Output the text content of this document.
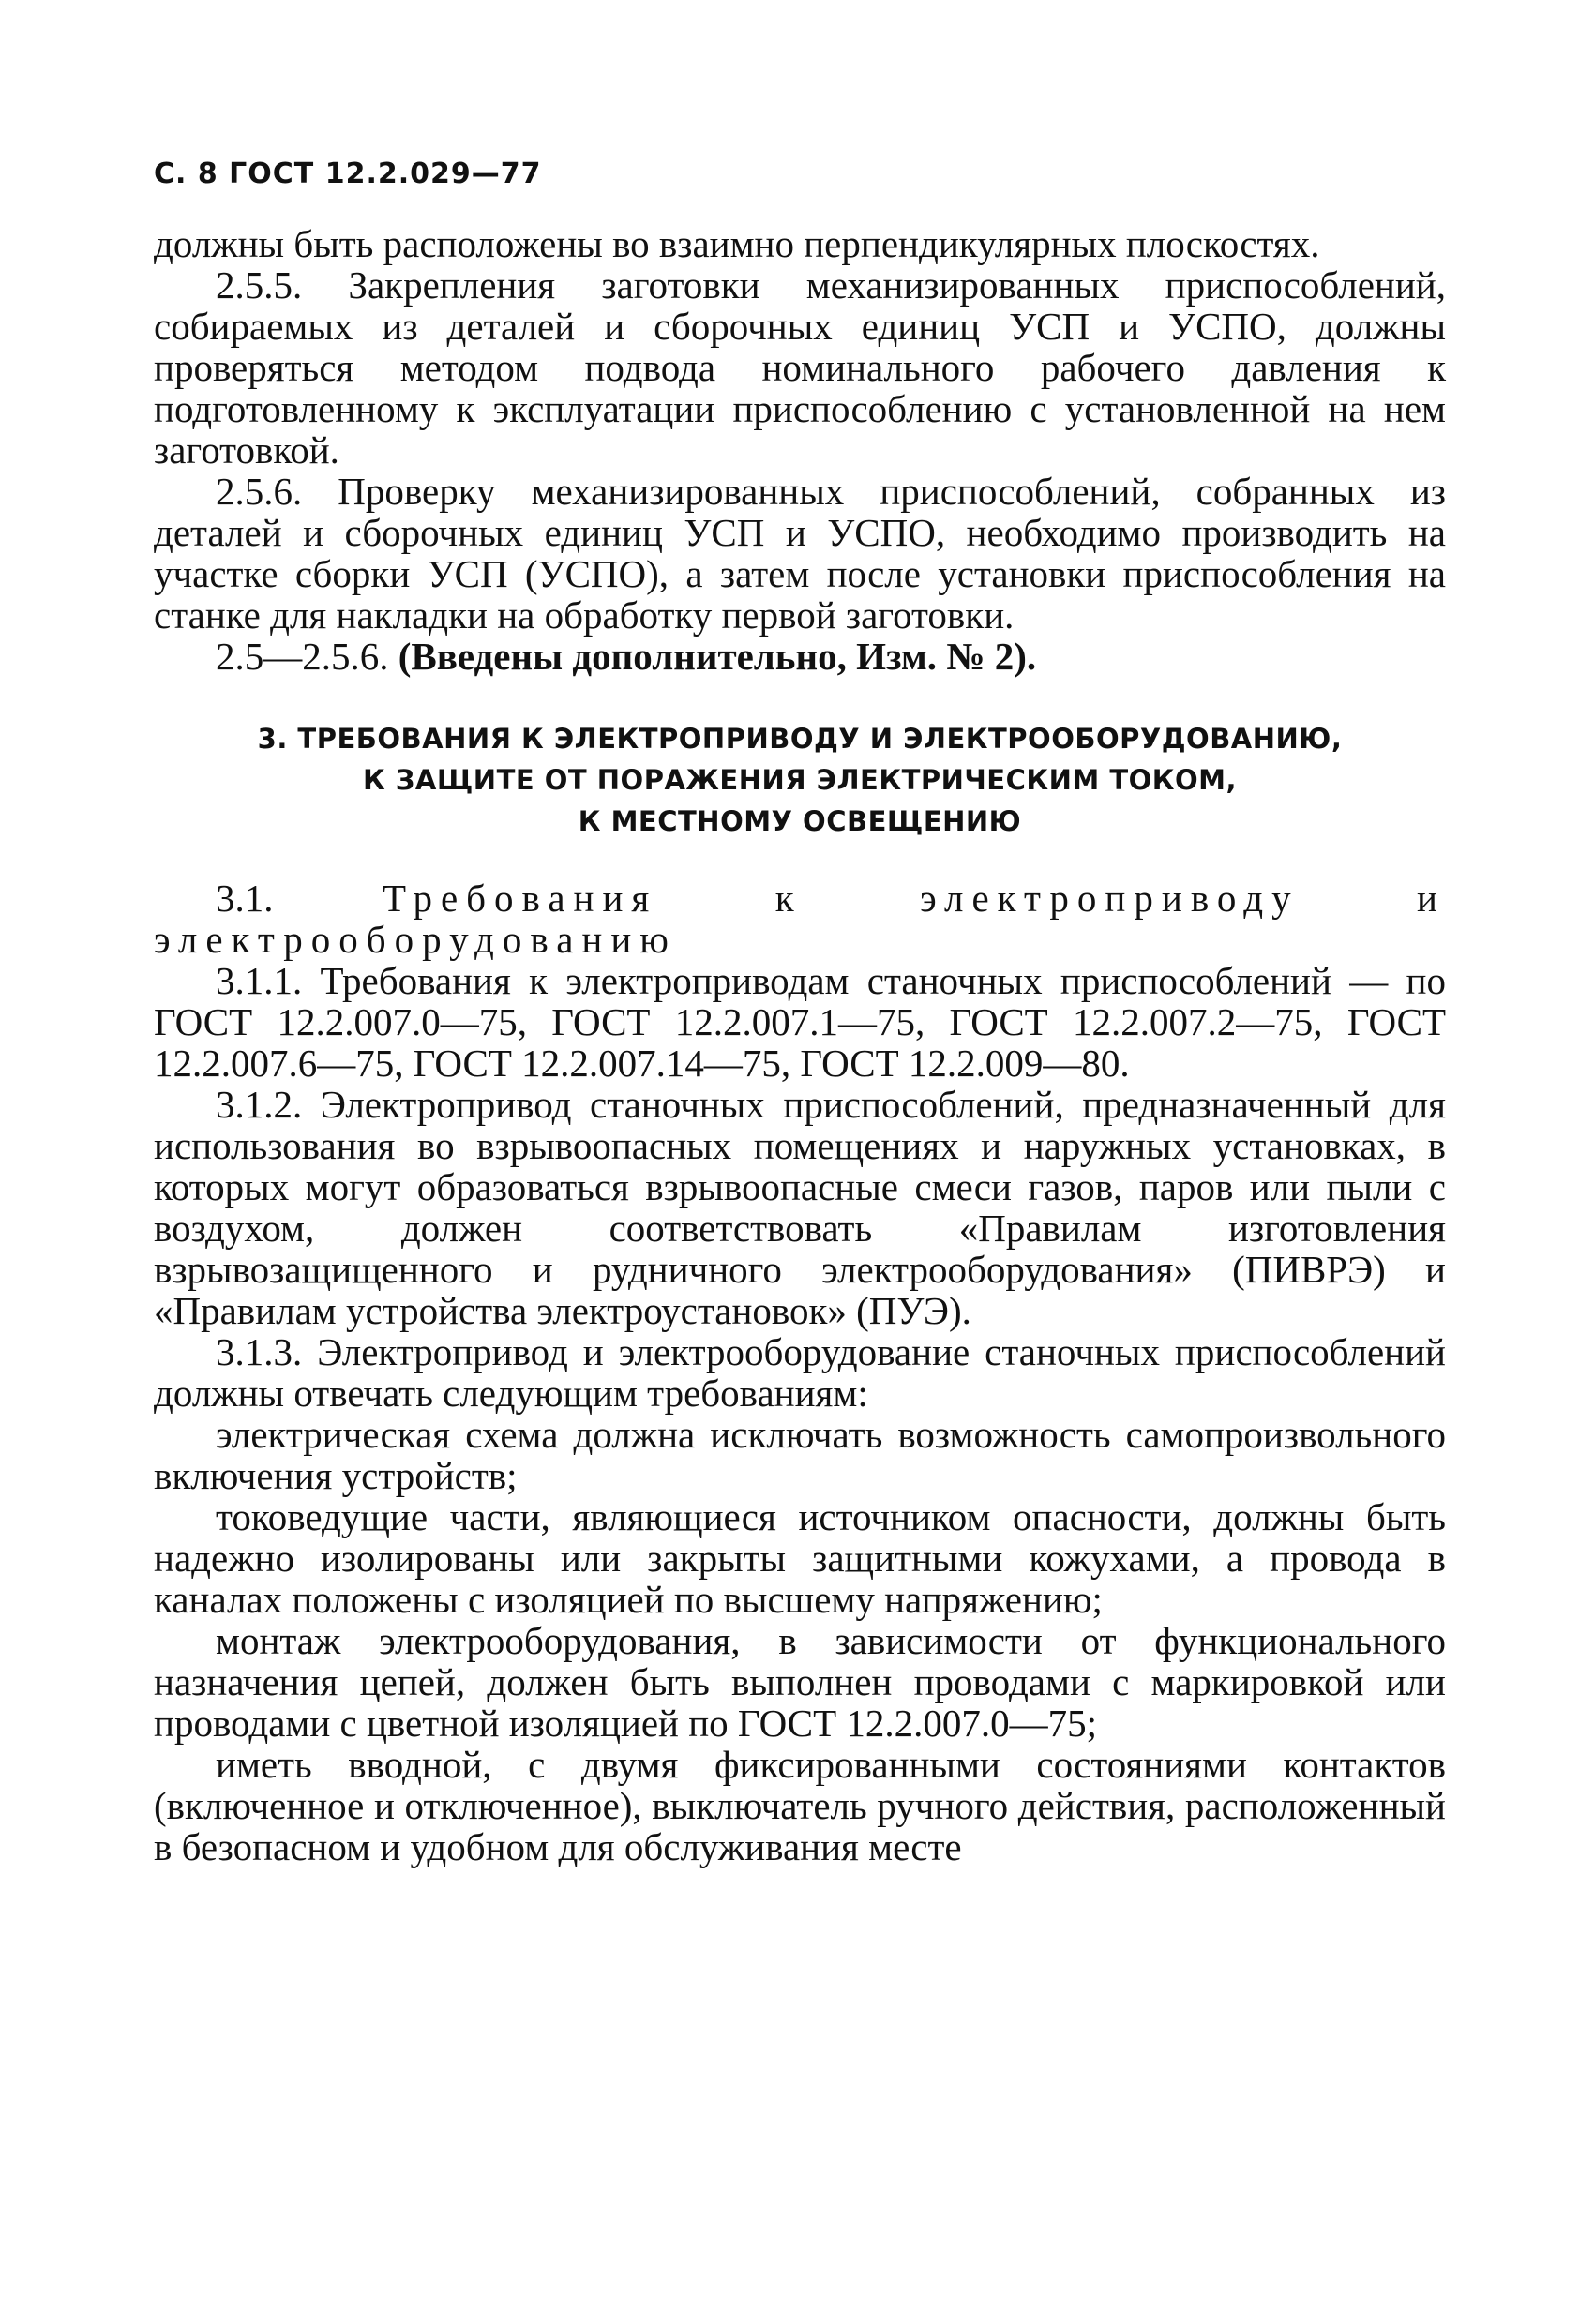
С. 8 ГОСТ 12.2.029—77

должны быть расположены во взаимно перпендикулярных плоскостях.

2.5.5. Закрепления заготовки механизированных приспособлений, собираемых из деталей и сборочных единиц УСП и УСПО, должны проверяться методом подвода номинального рабочего давления к подготовленному к эксплуатации приспособлению с установленной на нем заготовкой.

2.5.6. Проверку механизированных приспособлений, собранных из деталей и сборочных единиц УСП и УСПО, необходимо производить на участке сборки УСП (УСПО), а затем после установки приспособления на станке для накладки на обработку первой заготовки.

2.5—2.5.6. (Введены дополнительно, Изм. № 2).

3. ТРЕБОВАНИЯ К ЭЛЕКТРОПРИВОДУ И ЭЛЕКТРООБОРУДОВАНИЮ,
К ЗАЩИТЕ ОТ ПОРАЖЕНИЯ ЭЛЕКТРИЧЕСКИМ ТОКОМ,
К МЕСТНОМУ ОСВЕЩЕНИЮ

3.1. Требования к электроприводу и электрооборудованию

3.1.1. Требования к электроприводам станочных приспособлений — по ГОСТ 12.2.007.0—75, ГОСТ 12.2.007.1—75, ГОСТ 12.2.007.2—75, ГОСТ 12.2.007.6—75, ГОСТ 12.2.007.14—75, ГОСТ 12.2.009—80.

3.1.2. Электропривод станочных приспособлений, предназначенный для использования во взрывоопасных помещениях и наружных установках, в которых могут образоваться взрывоопасные смеси газов, паров или пыли с воздухом, должен соответствовать «Правилам изготовления взрывозащищенного и рудничного электрооборудования» (ПИВРЭ) и «Правилам устройства электроустановок» (ПУЭ).

3.1.3. Электропривод и электрооборудование станочных приспособлений должны отвечать следующим требованиям:

электрическая схема должна исключать возможность самопроизвольного включения устройств;

токоведущие части, являющиеся источником опасности, должны быть надежно изолированы или закрыты защитными кожухами, а провода в каналах положены с изоляцией по высшему напряжению;

монтаж электрооборудования, в зависимости от функционального назначения цепей, должен быть выполнен проводами с маркировкой или проводами с цветной изоляцией по ГОСТ 12.2.007.0—75;

иметь вводной, с двумя фиксированными состояниями контактов (включенное и отключенное), выключатель ручного действия, расположенный в безопасном и удобном для обслуживания месте
